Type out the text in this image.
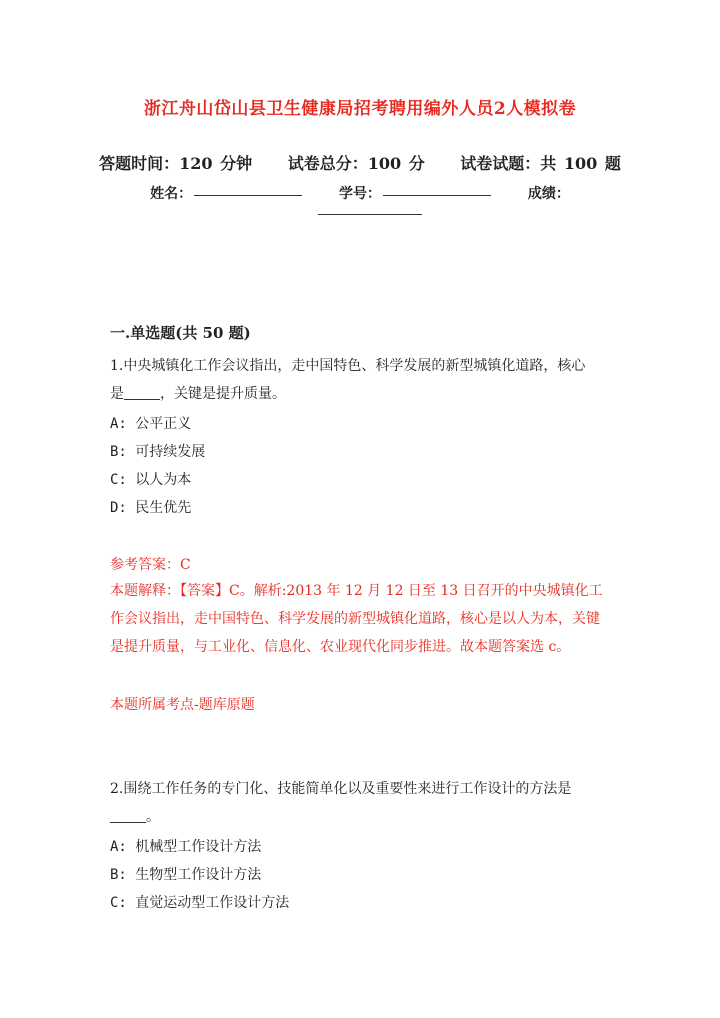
浙江舟山岱山县卫生健康局招考聘用编外人员2人模拟卷
答题时间：120 分钟 试卷总分：100 分 试卷试题：共 100 题
姓名：	学号：	成绩：
一.单选题(共 50 题)
1.中央城镇化工作会议指出，走中国特色、科学发展的新型城镇化道路，核心
是	，关键是提升质量。
A: 公平正义
B: 可持续发展
C: 以人为本
D: 民生优先
参考答案：C
本题解释：【答案】C。解析:2013 年 12 月 12 日至 13 日召开的中央城镇化工作会议指出，走中国特色、科学发展的新型城镇化道路，核心是以人为本，关键是提升质量，与工业化、信息化、农业现代化同步推进。故本题答案选 c。
本题所属考点-题库原题
2.围绕工作任务的专门化、技能简单化以及重要性来进行工作设计的方法是
。
A: 机械型工作设计方法
B: 生物型工作设计方法
C: 直觉运动型工作设计方法
